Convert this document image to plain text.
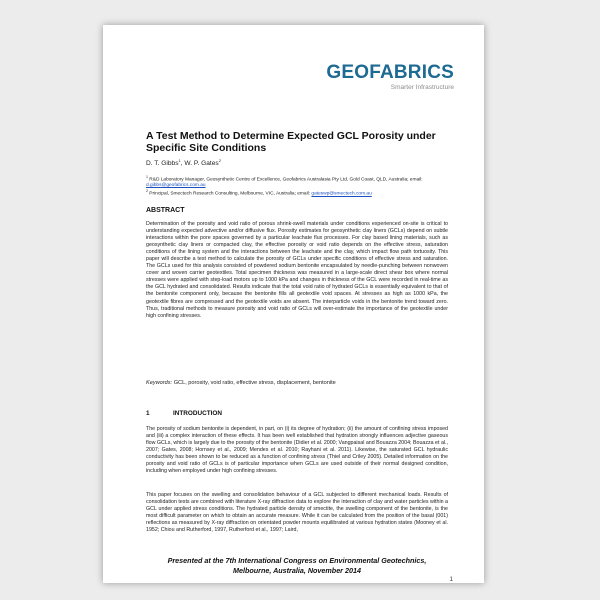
GEOFABRICS
Smarter Infrastructure
A Test Method to Determine Expected GCL Porosity under Specific Site Conditions
D. T. Gibbs$^1$, W. P. Gates$^2$
$^1$ R&D Laboratory Manager, Geosynthetic Centre of Excellence, Geofabrics Australasia Pty Ltd, Gold Coast, QLD, Australia; email:
d.gibbs@geofabrics.com.au
$^2$ Principal, Smectech Research Consulting, Melbourne, VIC, Australia; email: gateswp@smectech.com.au
ABSTRACT

Determination of the porosity and void ratio of porous shrink-swell materials under conditions experienced on-site is critical to understanding expected advective and/or diffusive flux. Porosity estimates for geosynthetic clay liners (GCLs) depend on subtle interactions within the pore spaces governed by a particular leachate flux processes. For clay based lining materials, such as geosynthetic clay liners or compacted clay, the effective porosity or void ratio depends on the effective stress, saturation conditions of the lining system and the interactions between the leachate and the clay, which impact flow path tortuosity. This paper will describe a test method to calculate the porosity of GCLs under specific conditions of effective stress and saturation. The GCLs used for this analysis consisted of powdered sodium bentonite encapsulated by needle-punching between nonwoven cover and woven carrier geotextiles. Total specimen thickness was measured in a large-scale direct shear box where normal stresses were applied with step-load motors up to 1000 kPa and changes in thickness of the GCL were recorded in real-time as the GCL hydrated and consolidated. Results indicate that the total void ratio of hydrated GCLs is essentially equivalent to that of the bentonite component only, because the bentonite fills all geotextile void spaces. At stresses as high as 1000 kPa, the geotextile fibres are compressed and the geotextile voids are absent. The interparticle voids in the bentonite trend toward zero. Thus, traditional methods to measure porosity and void ratio of GCLs will over-estimate the importance of the geotextile under high confining stresses.

Keywords: GCL, porosity, void ratio, effective stress, displacement, bentonite
1	INTRODUCTION

The porosity of sodium bentonite is dependent, in part, on (i) its degree of hydration; (ii) the amount of confining stress imposed and (iii) a complex interaction of these effects. It has been well established that hydration strongly influences adjective gaseous flow GCLs, which is largely due to the porosity of the bentonite (Didier et al. 2000; Vangpaisal and Bouazza 2004; Bouazza et al., 2007; Gates, 2008; Hornsey et al., 2009; Mendes et al. 2010; Rayhani et al. 2011). Likewise, the saturated GCL hydraulic conductivity has been shown to be reduced as a function of confining stress (Thiel and Criley 2005). Detailed information on the porosity and void ratio of GCLs is of particular importance when GCLs are used outside of their normal designed condition, including when employed under high confining stresses.

This paper focuses on the swelling and consolidation behaviour of a GCL subjected to different mechanical loads. Results of consolidation tests are combined with literature X-ray diffraction data to explore the interaction of clay and water particles within a GCL under applied stress conditions. The hydrated particle density of smectite, the swelling component of the bentonite, is the most difficult parameter on which to obtain an accurate measure. While it can be calculated from the position of the basal (001) reflections as measured by X-ray diffraction on orientated powder mounts equilibrated at various hydration states (Mooney et al. 1952; Chiou and Rutherford, 1997, Rutherford et al., 1997; Laird,

Presented at the 7th International Congress on Environmental Geotechnics,
Melbourne, Australia, November 2014
1
